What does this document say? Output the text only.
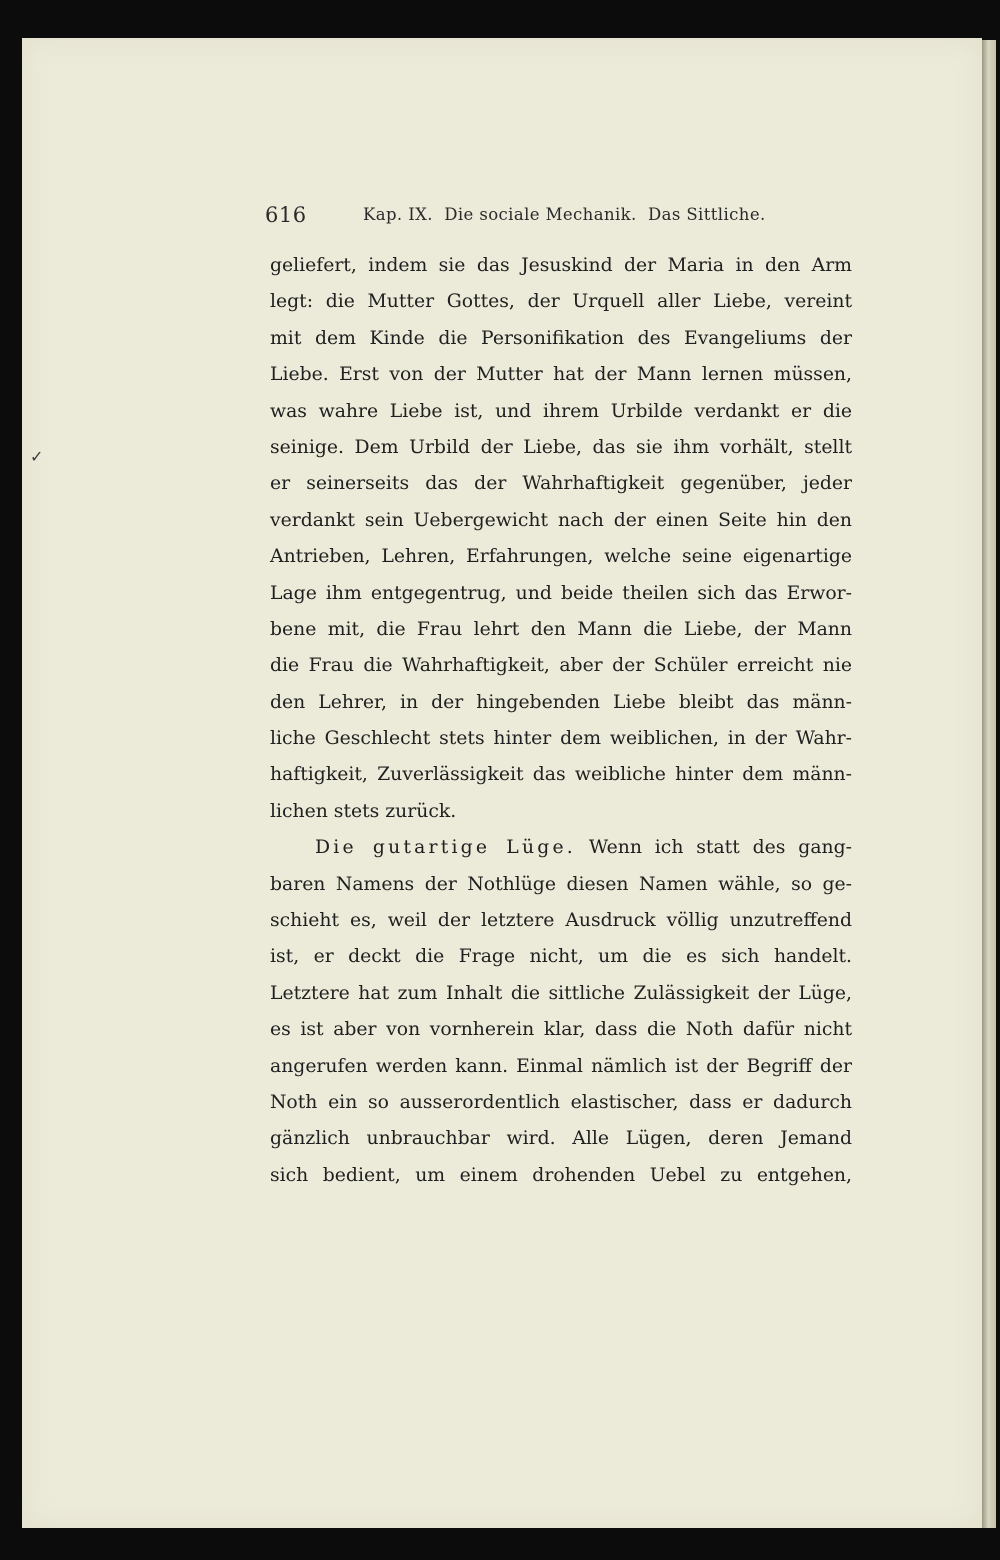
✓
616	Kap. IX.  Die sociale Mechanik.  Das Sittliche.
geliefert, indem sie das Jesuskind der Maria in den Arm
legt: die Mutter Gottes, der Urquell aller Liebe, vereint
mit dem Kinde die Personifikation des Evangeliums der
Liebe. Erst von der Mutter hat der Mann lernen müssen,
was wahre Liebe ist, und ihrem Urbilde verdankt er die
seinige. Dem Urbild der Liebe, das sie ihm vorhält, stellt
er seinerseits das der Wahrhaftigkeit gegenüber, jeder
verdankt sein Uebergewicht nach der einen Seite hin den
Antrieben, Lehren, Erfahrungen, welche seine eigenartige
Lage ihm entgegentrug, und beide theilen sich das Erwor-
bene mit, die Frau lehrt den Mann die Liebe, der Mann
die Frau die Wahrhaftigkeit, aber der Schüler erreicht nie
den Lehrer, in der hingebenden Liebe bleibt das männ-
liche Geschlecht stets hinter dem weiblichen, in der Wahr-
haftigkeit, Zuverlässigkeit das weibliche hinter dem männ-
lichen stets zurück.
Die gutartige Lüge. Wenn ich statt des gang-
baren Namens der Nothlüge diesen Namen wähle, so ge-
schieht es, weil der letztere Ausdruck völlig unzutreffend
ist, er deckt die Frage nicht, um die es sich handelt.
Letztere hat zum Inhalt die sittliche Zulässigkeit der Lüge,
es ist aber von vornherein klar, dass die Noth dafür nicht
angerufen werden kann. Einmal nämlich ist der Begriff der
Noth ein so ausserordentlich elastischer, dass er dadurch
gänzlich unbrauchbar wird. Alle Lügen, deren Jemand
sich bedient, um einem drohenden Uebel zu entgehen,
